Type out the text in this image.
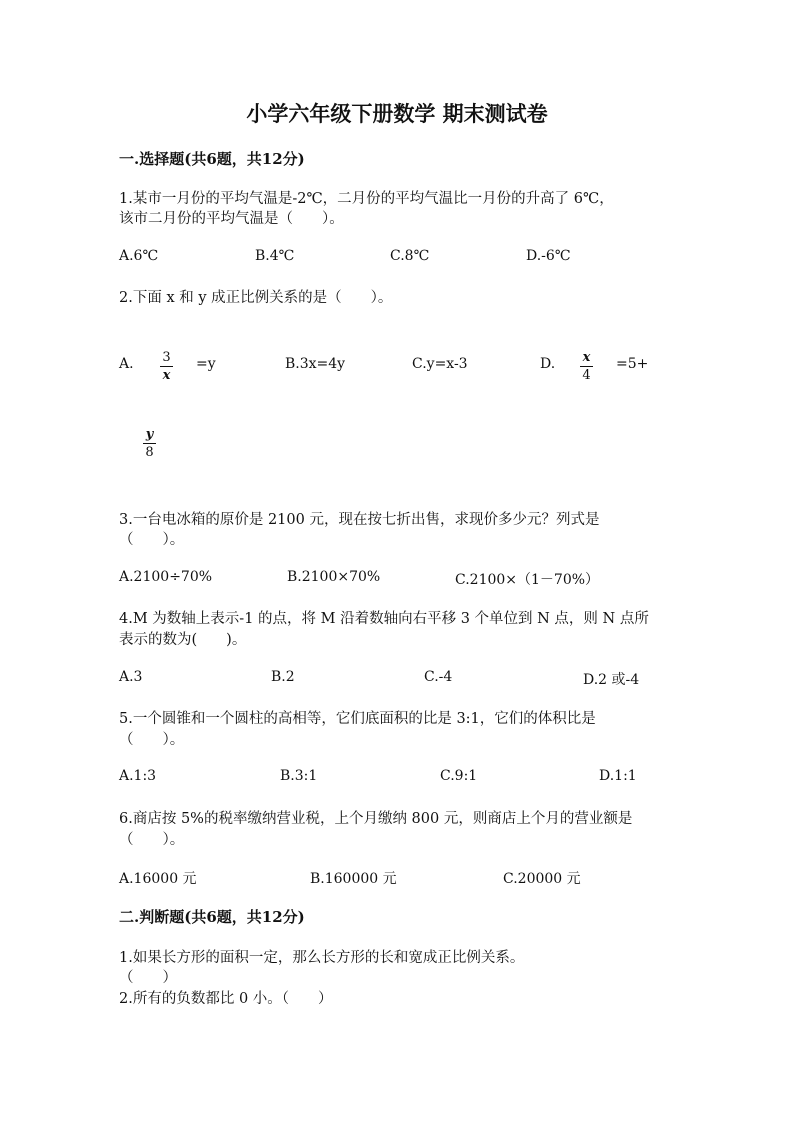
小学六年级下册数学 期末测试卷
一.选择题(共6题，共12分)
1.某市一月份的平均气温是-2℃，二月份的平均气温比一月份的升高了 6℃，
该市二月份的平均气温是（　　）。
A.6℃	B.4℃	C.8℃	D.-6℃
2.下面 x 和 y 成正比例关系的是（　　）。
A. 3
x
=y	B.3x=4y	C.y=x-3	D. x
4
=5+
y
8
3.一台电冰箱的原价是 2100 元，现在按七折出售，求现价多少元？列式是
（　　）。
A.2100÷70%	B.2100×70%	C.2100×（1－70%）
4.M 为数轴上表示-1 的点，将 M 沿着数轴向右平移 3 个单位到 N 点，则 N 点所
表示的数为(　　)。
A.3	B.2	C.-4	D.2 或-4
5.一个圆锥和一个圆柱的高相等，它们底面积的比是 3:1，它们的体积比是
（　　）。
A.1:3	B.3:1	C.9:1	D.1:1
6.商店按 5%的税率缴纳营业税，上个月缴纳 800 元，则商店上个月的营业额是
（　　）。
A.16000 元	B.160000 元	C.20000 元
二.判断题(共6题，共12分)
1.如果长方形的面积一定，那么长方形的长和宽成正比例关系。
（　　）
2.所有的负数都比 0 小。（　　）
